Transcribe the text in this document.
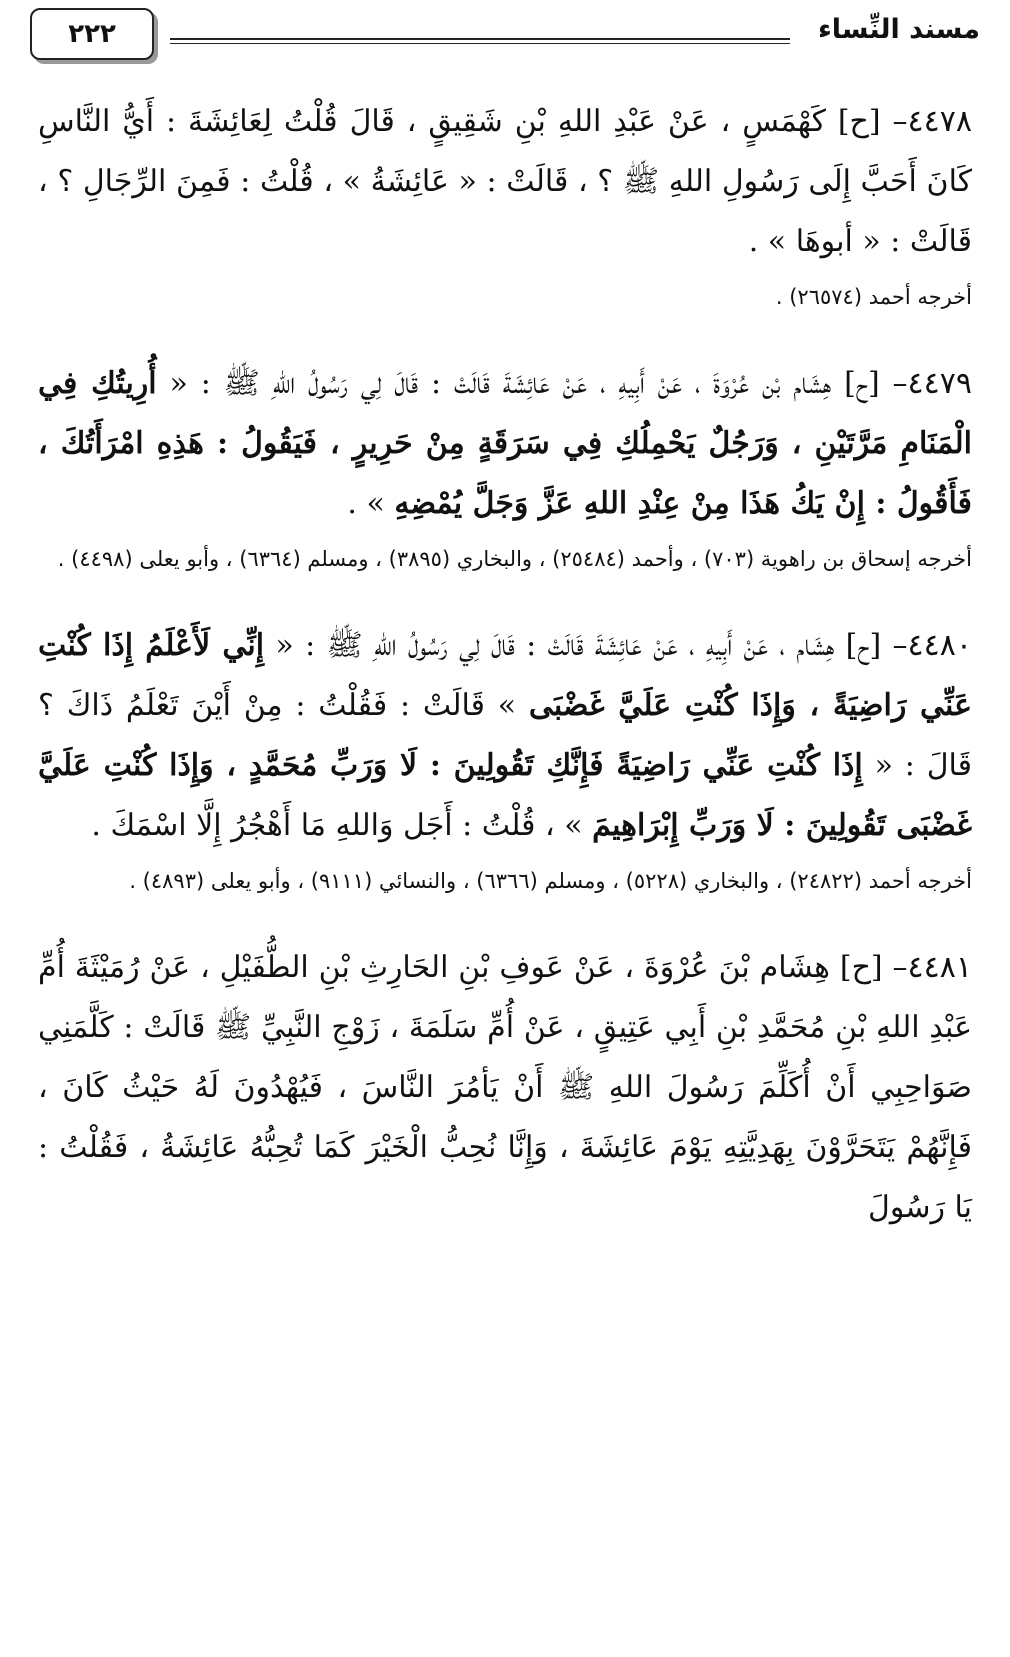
٢٢٢	مسند النِّساء

٤٤٧٨– [ح] كَهْمَسٍ ، عَنْ عَبْدِ اللهِ بْنِ شَقِيقٍ ، قَالَ قُلْتُ لِعَائِشَةَ : أَيُّ النَّاسِ كَانَ أَحَبَّ إِلَى رَسُولِ اللهِ ﷺ ؟ ، قَالَتْ : « عَائِشَةُ » ، قُلْتُ : فَمِنَ الرِّجَالِ ؟ ، قَالَتْ : « أبوهَا » .

أخرجه أحمد (٢٦٥٧٤) .

٤٤٧٩– [ح] هِشَام بْن عُرْوَةَ ، عَنْ أَبِيهِ ، عَنْ عَائِشَةَ قَالَتْ : قَالَ لِي رَسُولُ اللهِ ﷺ : « أُرِيتُكِ فِي الْمَنَامِ مَرَّتَيْنِ ، وَرَجُلٌ يَحْمِلُكِ فِي سَرَقَةٍ مِنْ حَرِيرٍ ، فَيَقُولُ : هَذِهِ امْرَأَتُكَ ، فَأَقُولُ : إِنْ يَكُ هَذَا مِنْ عِنْدِ اللهِ عَزَّ وَجَلَّ يُمْضِهِ » .

أخرجه إسحاق بن راهوية (٧٠٣) ، وأحمد (٢٥٤٨٤) ، والبخاري (٣٨٩٥) ، ومسلم (٦٣٦٤) ، وأبو يعلى (٤٤٩٨) .

٤٤٨٠– [ح] هِشَام ، عَنْ أَبِيهِ ، عَنْ عَائِشَةَ قَالَتْ : قَالَ لِي رَسُولُ اللهِ ﷺ : « إِنِّي لَأَعْلَمُ إِذَا كُنْتِ عَنِّي رَاضِيَةً ، وَإِذَا كُنْتِ عَلَيَّ غَضْبَى » قَالَتْ : فَقُلْتُ : مِنْ أَيْنَ تَعْلَمُ ذَاكَ ؟ قَالَ : « إِذَا كُنْتِ عَنِّي رَاضِيَةً فَإِنَّكِ تَقُولِينَ : لَا وَرَبِّ مُحَمَّدٍ ، وَإِذَا كُنْتِ عَلَيَّ غَضْبَى تَقُولِينَ : لَا وَرَبِّ إِبْرَاهِيمَ » ، قُلْتُ : أَجَل وَاللهِ مَا أَهْجُرُ إِلَّا اسْمَكَ .

أخرجه أحمد (٢٤٨٢٢) ، والبخاري (٥٢٢٨) ، ومسلم (٦٣٦٦) ، والنسائي (٩١١١) ، وأبو يعلى (٤٨٩٣) .

٤٤٨١– [ح] هِشَام بْنَ عُرْوَةَ ، عَنْ عَوفِ بْنِ الحَارِثِ بْنِ الطُّفَيْلِ ، عَنْ رُمَيْثَةَ أُمِّ عَبْدِ اللهِ بْنِ مُحَمَّدِ بْنِ أَبِي عَتِيقٍ ، عَنْ أُمِّ سَلَمَةَ ، زَوْجِ النَّبِيِّ ﷺ قَالَتْ : كَلَّمَنِي صَوَاحِبِي أَنْ أُكَلِّمَ رَسُولَ اللهِ ﷺ أَنْ يَأمُرَ النَّاسَ ، فَيُهْدُونَ لَهُ حَيْثُ كَانَ ، فَإِنَّهُمْ يَتَحَرَّوْنَ بِهَدِيَّتِهِ يَوْمَ عَائِشَةَ ، وَإِنَّا نُحِبُّ الْخَيْرَ كَمَا تُحِبُّهُ عَائِشَةُ ، فَقُلْتُ : يَا رَسُولَ
